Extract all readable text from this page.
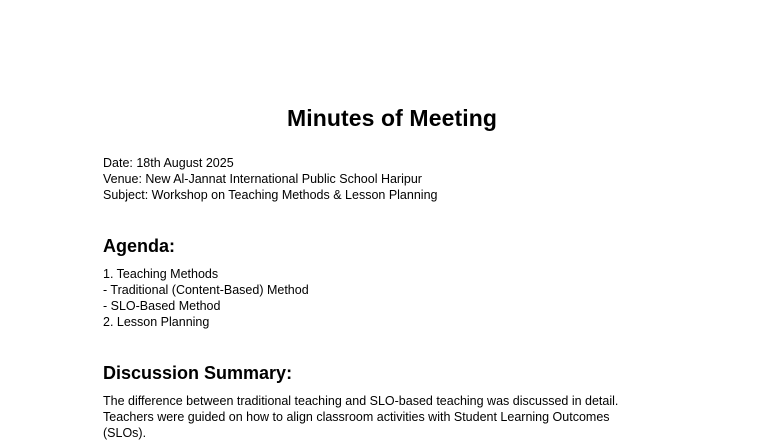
Minutes of Meeting
Date: 18th August 2025
Venue: New Al-Jannat International Public School Haripur
Subject: Workshop on Teaching Methods & Lesson Planning
Agenda:
1. Teaching Methods
- Traditional (Content-Based) Method
- SLO-Based Method
2. Lesson Planning
Discussion Summary:
The difference between traditional teaching and SLO-based teaching was discussed in detail.
Teachers were guided on how to align classroom activities with Student Learning Outcomes
(SLOs).
